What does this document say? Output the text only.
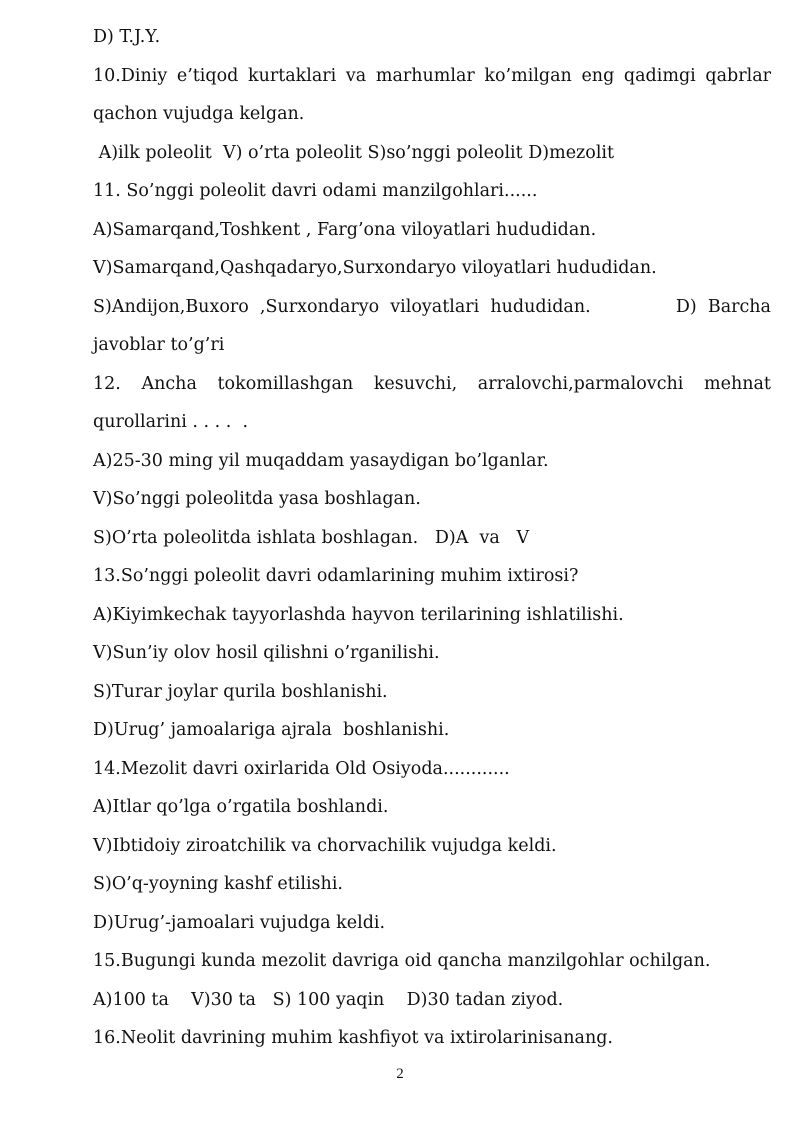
D) T.J.Y.
10.Diniy e’tiqod kurtaklari va marhumlar ko’milgan eng qadimgi qabrlar
qachon vujudga kelgan.
A)ilk poleolit  V) o’rta poleolit S)so’nggi poleolit D)mezolit
11. So’nggi poleolit davri odami manzilgohlari......
A)Samarqand,Toshkent , Farg’ona viloyatlari hududidan.
V)Samarqand,Qashqadaryo,Surxondaryo viloyatlari hududidan.
S)Andijon,Buxoro  ,Surxondaryo  viloyatlari  hududidan.	D)  Barcha
javoblar to’g’ri
12. Ancha tokomillashgan kesuvchi, arralovchi,parmalovchi mehnat
qurollarini . . . .  .
A)25-30 ming yil muqaddam yasaydigan bo’lganlar.
V)So’nggi poleolitda yasa boshlagan.
S)O’rta poleolitda ishlata boshlagan.   D)A  va   V
13.So’nggi poleolit davri odamlarining muhim ixtirosi?
A)Kiyimkechak tayyorlashda hayvon terilarining ishlatilishi.
V)Sun’iy olov hosil qilishni o’rganilishi.
S)Turar joylar qurila boshlanishi.
D)Urug’ jamoalariga ajrala  boshlanishi.
14.Mezolit davri oxirlarida Old Osiyoda............
A)Itlar qo’lga o’rgatila boshlandi.
V)Ibtidoiy ziroatchilik va chorvachilik vujudga keldi.
S)O’q-yoyning kashf etilishi.
D)Urug’-jamoalari vujudga keldi.
15.Bugungi kunda mezolit davriga oid qancha manzilgohlar ochilgan.
A)100 ta    V)30 ta   S) 100 yaqin    D)30 tadan ziyod.
16.Neolit davrining muhim kashfiyot va ixtirolarinisanang.
2
